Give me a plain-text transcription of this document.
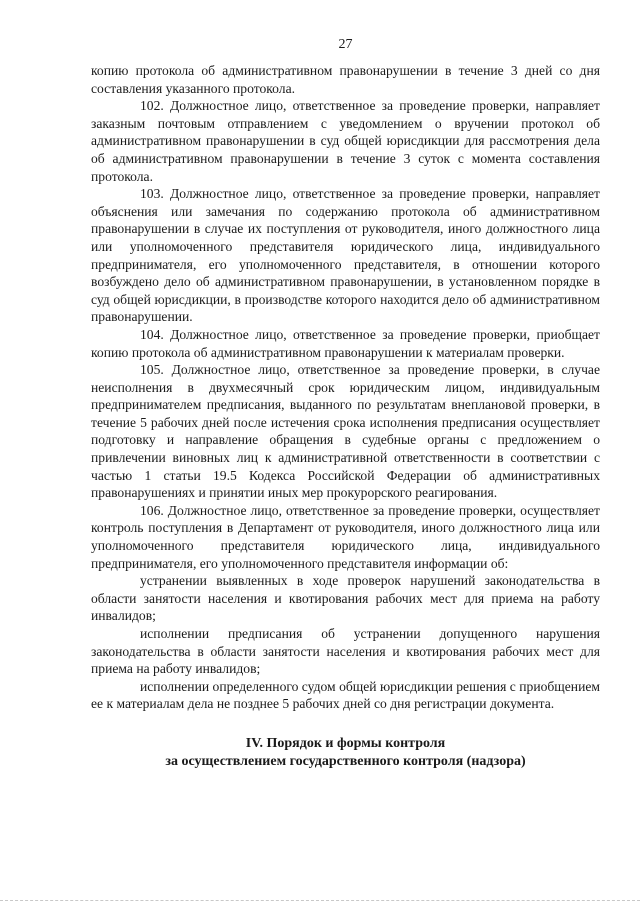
27

копию протокола об административном правонарушении в течение 3 дней со дня составления указанного протокола.

102. Должностное лицо, ответственное за проведение проверки, направляет заказным почтовым отправлением с уведомлением о вручении протокол об административном правонарушении в суд общей юрисдикции для рассмотрения дела об административном правонарушении в течение 3 суток с момента составления протокола.

103. Должностное лицо, ответственное за проведение проверки, направляет объяснения или замечания по содержанию протокола об административном правонарушении в случае их поступления от руководителя, иного должностного лица или уполномоченного представителя юридического лица, индивидуального предпринимателя, его уполномоченного представителя, в отношении которого возбуждено дело об административном правонарушении, в установленном порядке в суд общей юрисдикции, в производстве которого находится дело об административном правонарушении.

104. Должностное лицо, ответственное за проведение проверки, приобщает копию протокола об административном правонарушении к материалам проверки.

105. Должностное лицо, ответственное за проведение проверки, в случае неисполнения в двухмесячный срок юридическим лицом, индивидуальным предпринимателем предписания, выданного по результатам внеплановой проверки, в течение 5 рабочих дней после истечения срока исполнения предписания осуществляет подготовку и направление обращения в судебные органы с предложением о привлечении виновных лиц к административной ответственности в соответствии с частью 1 статьи 19.5 Кодекса Российской Федерации об административных правонарушениях и принятии иных мер прокурорского реагирования.

106. Должностное лицо, ответственное за проведение проверки, осуществляет контроль поступления в Департамент от руководителя, иного должностного лица или уполномоченного представителя юридического лица, индивидуального предпринимателя, его уполномоченного представителя информации об:

устранении выявленных в ходе проверок нарушений законодательства в области занятости населения и квотирования рабочих мест для приема на работу инвалидов;

исполнении предписания об устранении допущенного нарушения законодательства в области занятости населения и квотирования рабочих мест для приема на работу инвалидов;

исполнении определенного судом общей юрисдикции решения с приобщением ее к материалам дела не позднее 5 рабочих дней со дня регистрации документа.

IV. Порядок и формы контроля

за осуществлением государственного контроля (надзора)
